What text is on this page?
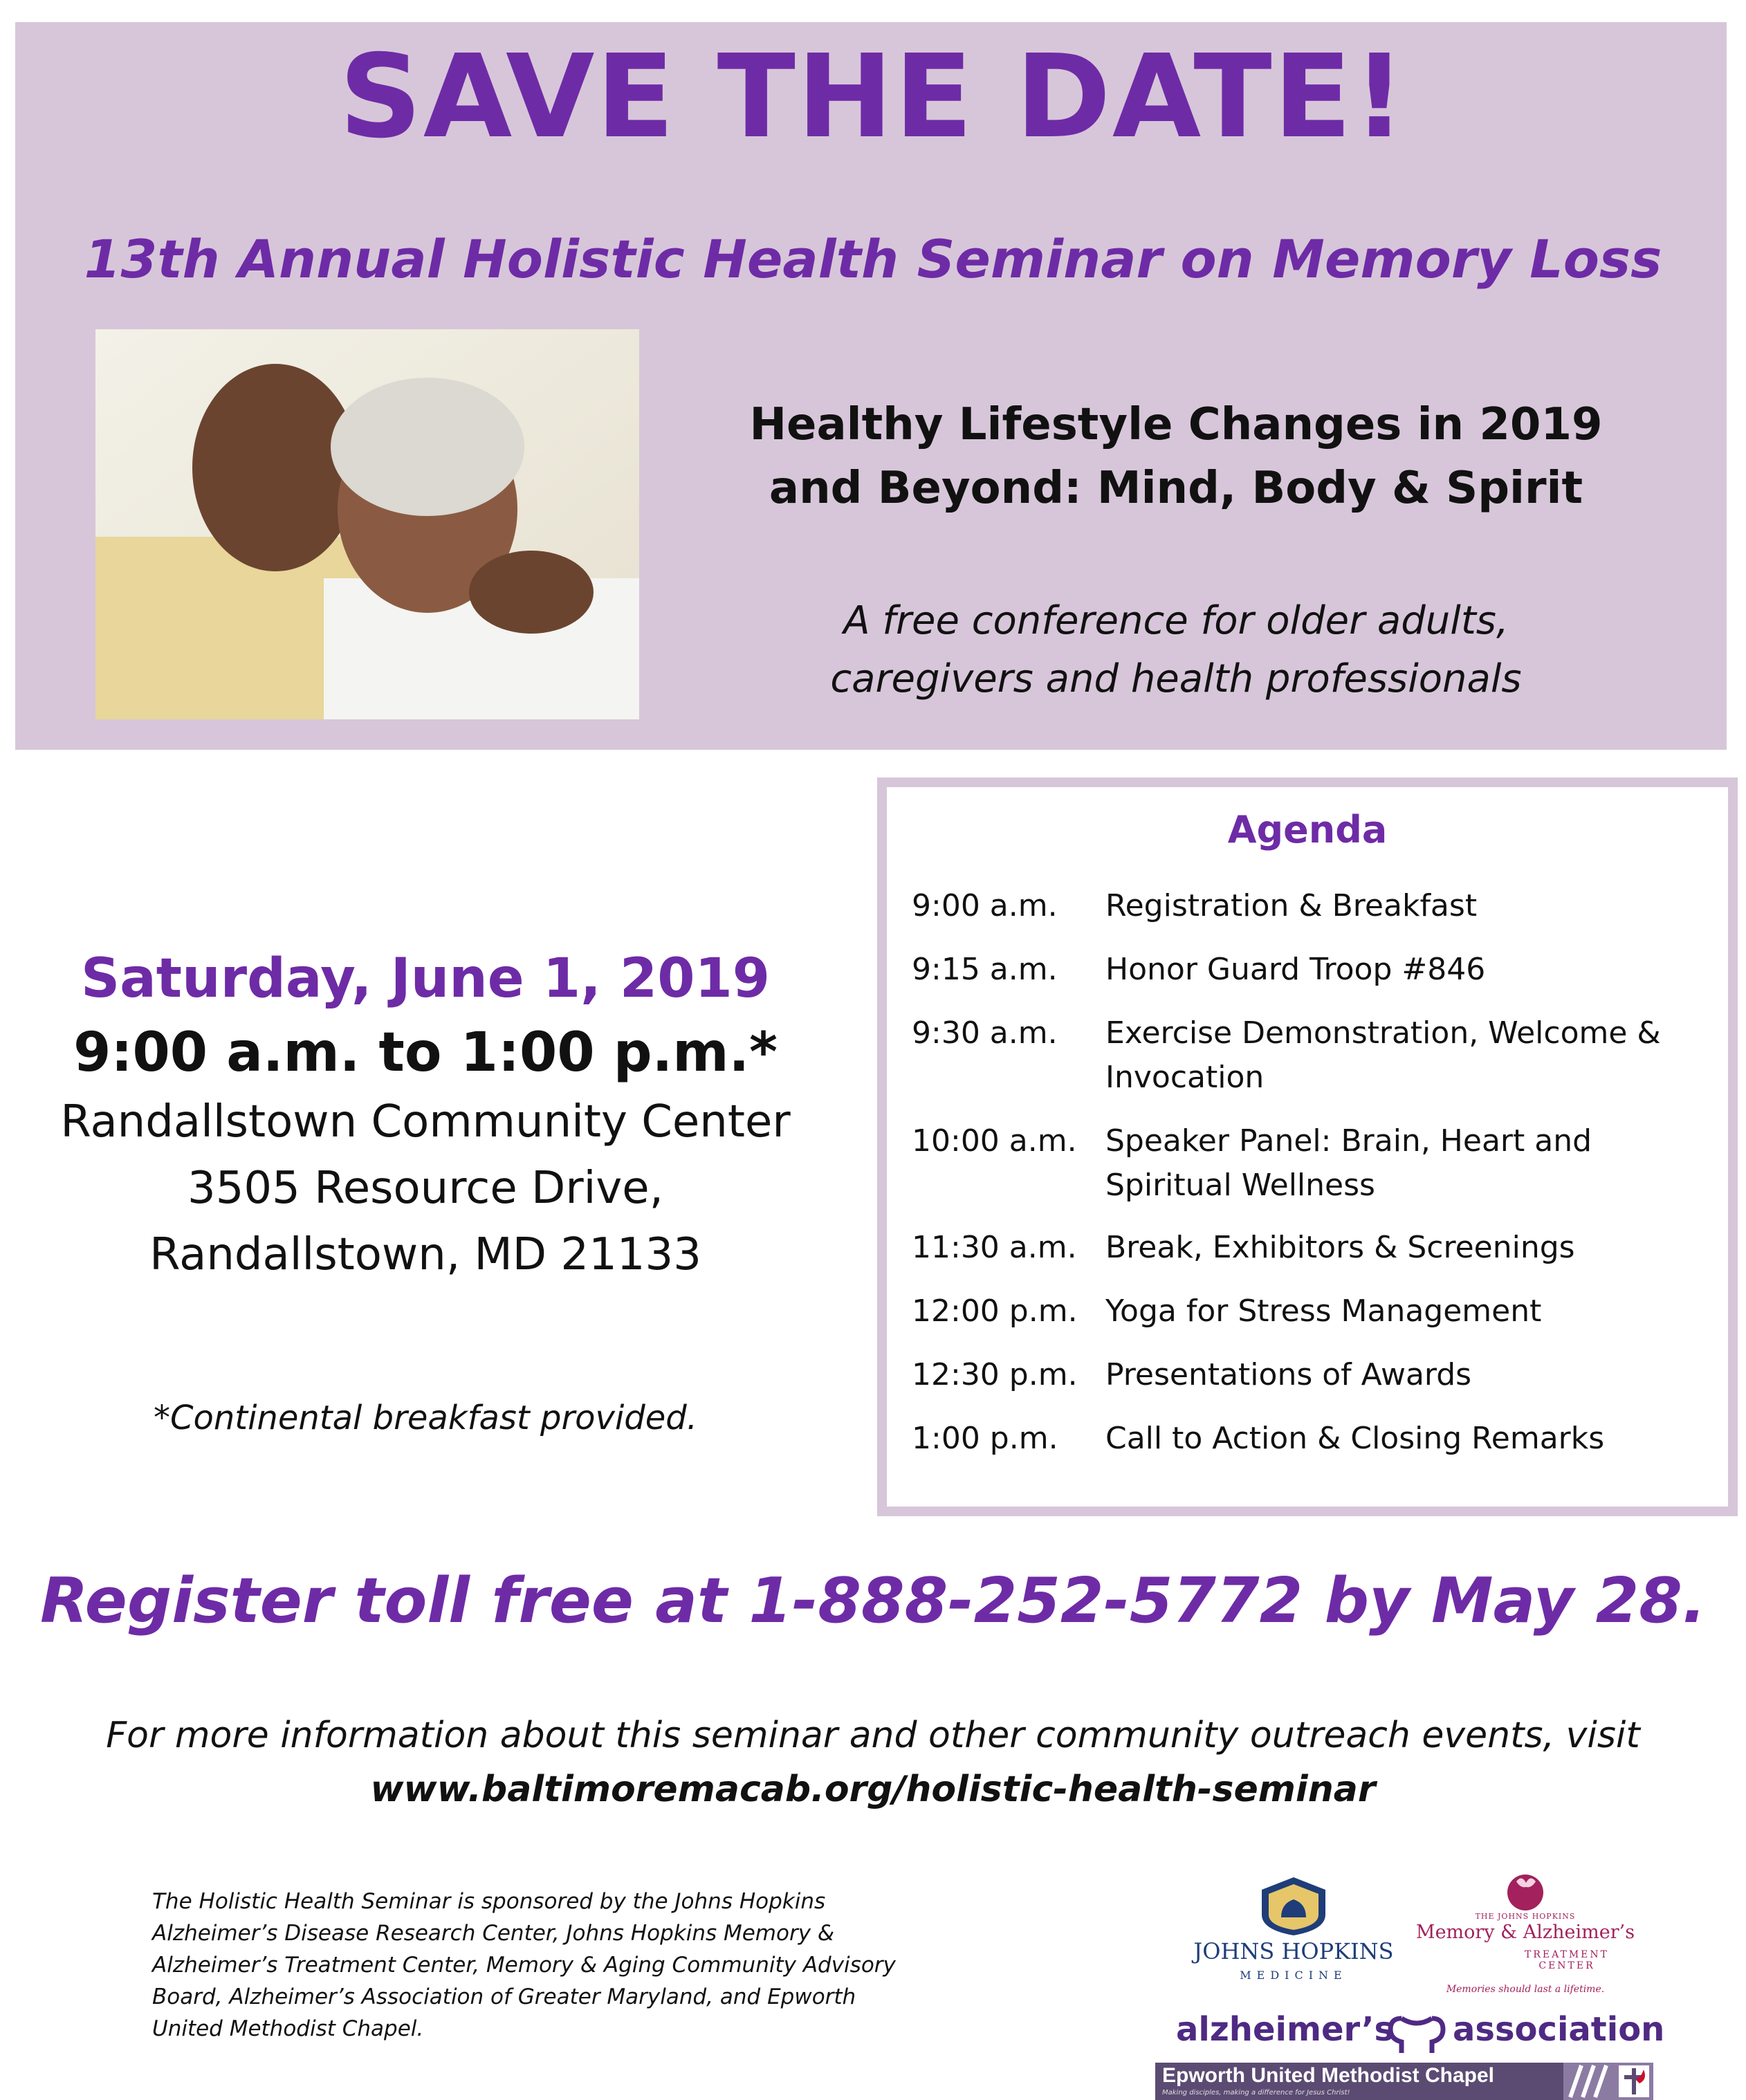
SAVE THE DATE!
13th Annual Holistic Health Seminar on Memory Loss
Healthy Lifestyle Changes in 2019
and Beyond: Mind, Body & Spirit
A free conference for older adults,
caregivers and health professionals
Saturday, June 1, 2019
9:00 a.m. to 1:00 p.m.*
Randallstown Community Center
3505 Resource Drive,
Randallstown, MD 21133
*Continental breakfast provided.
Agenda
9:00 a.m.	Registration & Breakfast
9:15 a.m.	Honor Guard Troop #846
9:30 a.m.	Exercise Demonstration, Welcome & Invocation
10:00 a.m. Speaker Panel: Brain, Heart and Spiritual Wellness
11:30 a.m. Break, Exhibitors & Screenings
12:00 p.m. Yoga for Stress Management
12:30 p.m. Presentations of Awards
1:00 p.m.	Call to Action & Closing Remarks
Register toll free at 1-888-252-5772 by May 28.
For more information about this seminar and other community outreach events, visit
www.baltimoremacab.org/holistic-health-seminar
The Holistic Health Seminar is sponsored by the Johns Hopkins Alzheimer’s Disease Research Center, Johns Hopkins Memory & Alzheimer’s Treatment Center, Memory & Aging Community Advisory Board, Alzheimer’s Association of Greater Maryland, and Epworth United Methodist Chapel.
JOHNS HOPKINS
MEDICINE
THE JOHNS HOPKINS
Memory & Alzheimer’s
TREATMENT CENTER
Memories should last a lifetime.
alzheimer’s association
Epworth United Methodist Chapel
Making disciples, making a difference for Jesus Christ!
